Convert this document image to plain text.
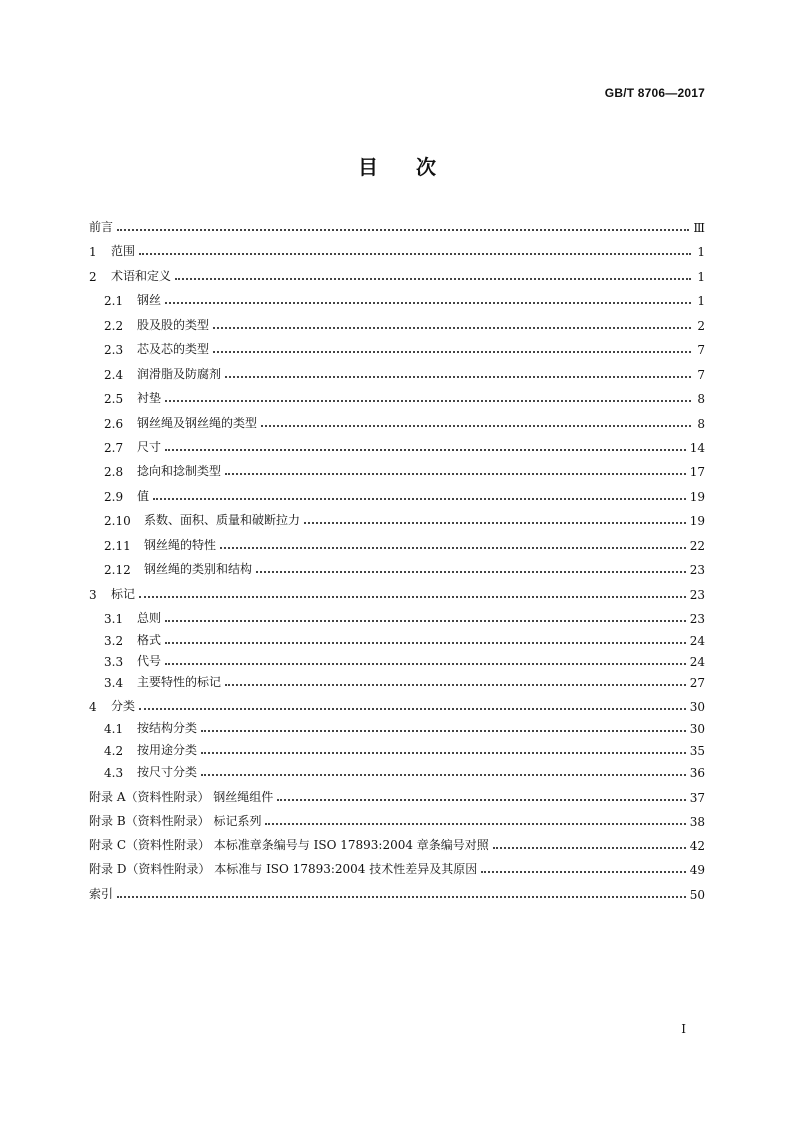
GB/T 8706—2017
目次
前言	Ⅲ
1	范围	1
2	术语和定义	1
2.1	钢丝	1
2.2	股及股的类型	2
2.3	芯及芯的类型	7
2.4	润滑脂及防腐剂	7
2.5	衬垫	8
2.6	钢丝绳及钢丝绳的类型	8
2.7	尺寸	14
2.8	捻向和捻制类型	17
2.9	值	19
2.10	系数、面积、质量和破断拉力	19
2.11	钢丝绳的特性	22
2.12	钢丝绳的类别和结构	23
3	标记	23
3.1	总则	23
3.2	格式	24
3.3	代号	24
3.4	主要特性的标记	27
4	分类	30
4.1	按结构分类	30
4.2	按用途分类	35
4.3	按尺寸分类	36
附录 A（资料性附录） 钢丝绳组件	37
附录 B（资料性附录） 标记系列	38
附录 C（资料性附录） 本标准章条编号与 ISO 17893:2004 章条编号对照	42
附录 D（资料性附录） 本标准与 ISO 17893:2004 技术性差异及其原因	49
索引	50
I
